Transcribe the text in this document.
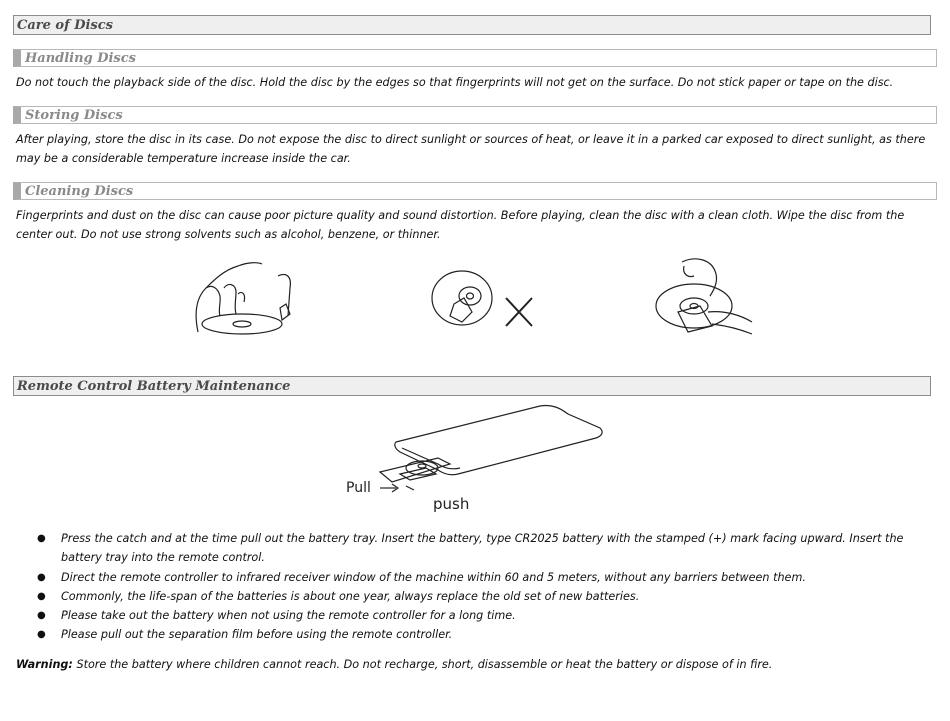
Care of Discs
Handling Discs

Do not touch the playback side of the disc. Hold the disc by the edges so that fingerprints will not get on the surface. Do not stick paper or tape on the disc.

Storing Discs

After playing, store the disc in its case. Do not expose the disc to direct sunlight or sources of heat, or leave it in a parked car exposed to direct sunlight, as there may be a considerable temperature increase inside the car.

Cleaning Discs

Fingerprints and dust on the disc can cause poor picture quality and sound distortion. Before playing, clean the disc with a clean cloth. Wipe the disc from the center out. Do not use strong solvents such as alcohol, benzene, or thinner.

Remote Control Battery Maintenance
Pull
push
● Press the catch and at the time pull out the battery tray. Insert the battery, type CR2025 battery with the stamped (+) mark facing upward. Insert the battery tray into the remote control.
● Direct the remote controller to infrared receiver window of the machine within 60 and 5 meters, without any barriers between them.
● Commonly, the life-span of the batteries is about one year, always replace the old set of new batteries.
● Please take out the battery when not using the remote controller for a long time.
● Please pull out the separation film before using the remote controller.
Warning: Store the battery where children cannot reach. Do not recharge, short, disassemble or heat the battery or dispose of in fire.
